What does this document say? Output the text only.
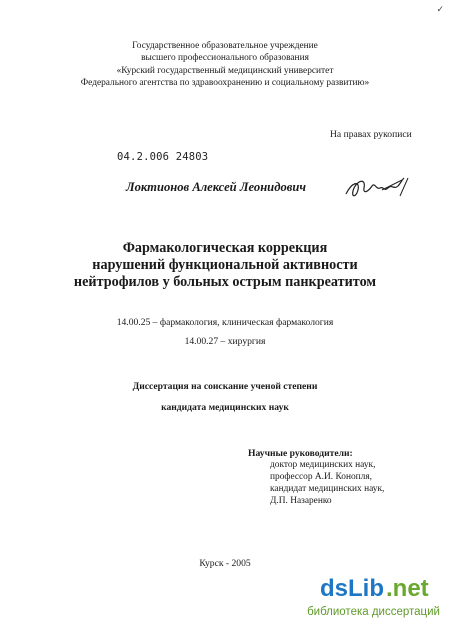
✓
Государственное образовательное учреждение
высшего профессионального образования
«Курский государственный медицинский университет
Федерального агентства по здравоохранению и социальному развитию»
На правах рукописи
04.2.006 24803
Локтионов Алексей Леонидович
Фармакологическая коррекция
нарушений функциональной активности
нейтрофилов у больных острым панкреатитом
14.00.25 – фармакология, клиническая фармакология
14.00.27 – хирургия
Диссертация на соискание ученой степени
кандидата медицинских наук
Научные руководители:
доктор медицинских наук,
профессор А.И. Конопля,
кандидат медицинских наук,
Д.П. Назаренко
Курск - 2005
dsLib .net
библиотека диссертаций
